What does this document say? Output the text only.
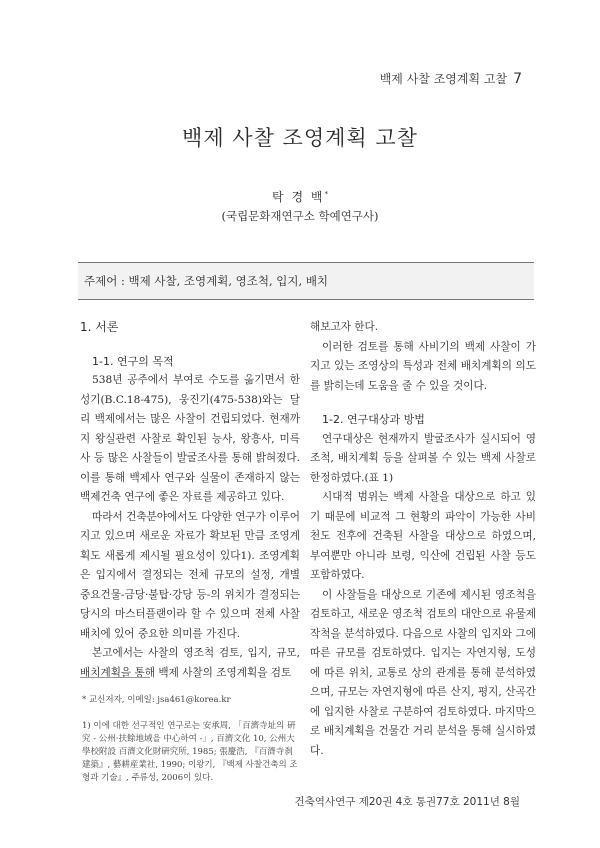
백제 사찰 조영계획 고찰 7
백제 사찰 조영계획 고찰
탁 경 백*
(국립문화재연구소 학예연구사)
주제어 : 백제 사찰, 조영계획, 영조척, 입지, 배치
1. 서론
1-1. 연구의 목적

538년 공주에서 부여로 수도를 옮기면서 한성기(B.C.18-475), 웅진기(475-538)와는 달리 백제에서는 많은 사찰이 건립되었다. 현재까지 왕실관련 사찰로 확인된 능사, 왕흥사, 미륵사 등 많은 사찰들이 발굴조사를 통해 밝혀졌다. 이를 통해 백제사 연구와 실물이 존재하지 않는 백제건축 연구에 좋은 자료를 제공하고 있다.

따라서 건축분야에서도 다양한 연구가 이루어지고 있으며 새로운 자료가 확보된 만큼 조영계획도 새롭게 제시될 필요성이 있다1). 조영계획은 입지에서 결정되는 전체 규모의 설정, 개별 중요건물-금당·불탑·강당 등-의 위치가 결정되는 당시의 마스터플랜이라 할 수 있으며 전체 사찰 배치에 있어 중요한 의미를 가진다.

본고에서는 사찰의 영조척 검토, 입지, 규모, 배치계획을 통해 백제 사찰의 조영계획을 검토

해보고자 한다.

이러한 검토를 통해 사비기의 백제 사찰이 가지고 있는 조영상의 특성과 전체 배치계획의 의도를 밝히는데 도움을 줄 수 있을 것이다.

1-2. 연구대상과 방법

연구대상은 현재까지 발굴조사가 실시되어 영조척, 배치계획 등을 살펴볼 수 있는 백제 사찰로 한정하였다.(표 1)

시대적 범위는 백제 사찰을 대상으로 하고 있기 때문에 비교적 그 현황의 파악이 가능한 사비천도 전후에 건축된 사찰을 대상으로 하였으며, 부여뿐만 아니라 보령, 익산에 건립된 사찰 등도 포함하였다.

이 사찰들을 대상으로 기존에 제시된 영조척을 검토하고, 새로운 영조척 검토의 대안으로 유물제작척을 분석하였다. 다음으로 사찰의 입지와 그에 따른 규모를 검토하였다. 입지는 자연지형, 도성에 따른 위치, 교통로 상의 관계를 통해 분석하였으며, 규모는 자연지형에 따른 산지, 평지, 산곡간에 입지한 사찰로 구분하여 검토하였다. 마지막으로 배치계획을 건물간 거리 분석을 통해 실시하였다.

* 교신저자, 이메일: jsa461@korea.kr
1) 이에 대한 선구적인 연구로는 安承周, 「百濟寺址의 硏究 - 公州·扶餘地域을 中心하여 -」, 百濟文化 10, 公州大學校附設 百濟文化財硏究所, 1985; 張慶浩, 『百濟寺刹建築』, 藝耕産業社, 1990; 이왕기, 『백제 사찰건축의 조형과 기술』, 주류성, 2006이 있다.
건축역사연구 제20권 4호 통권77호 2011년 8월
